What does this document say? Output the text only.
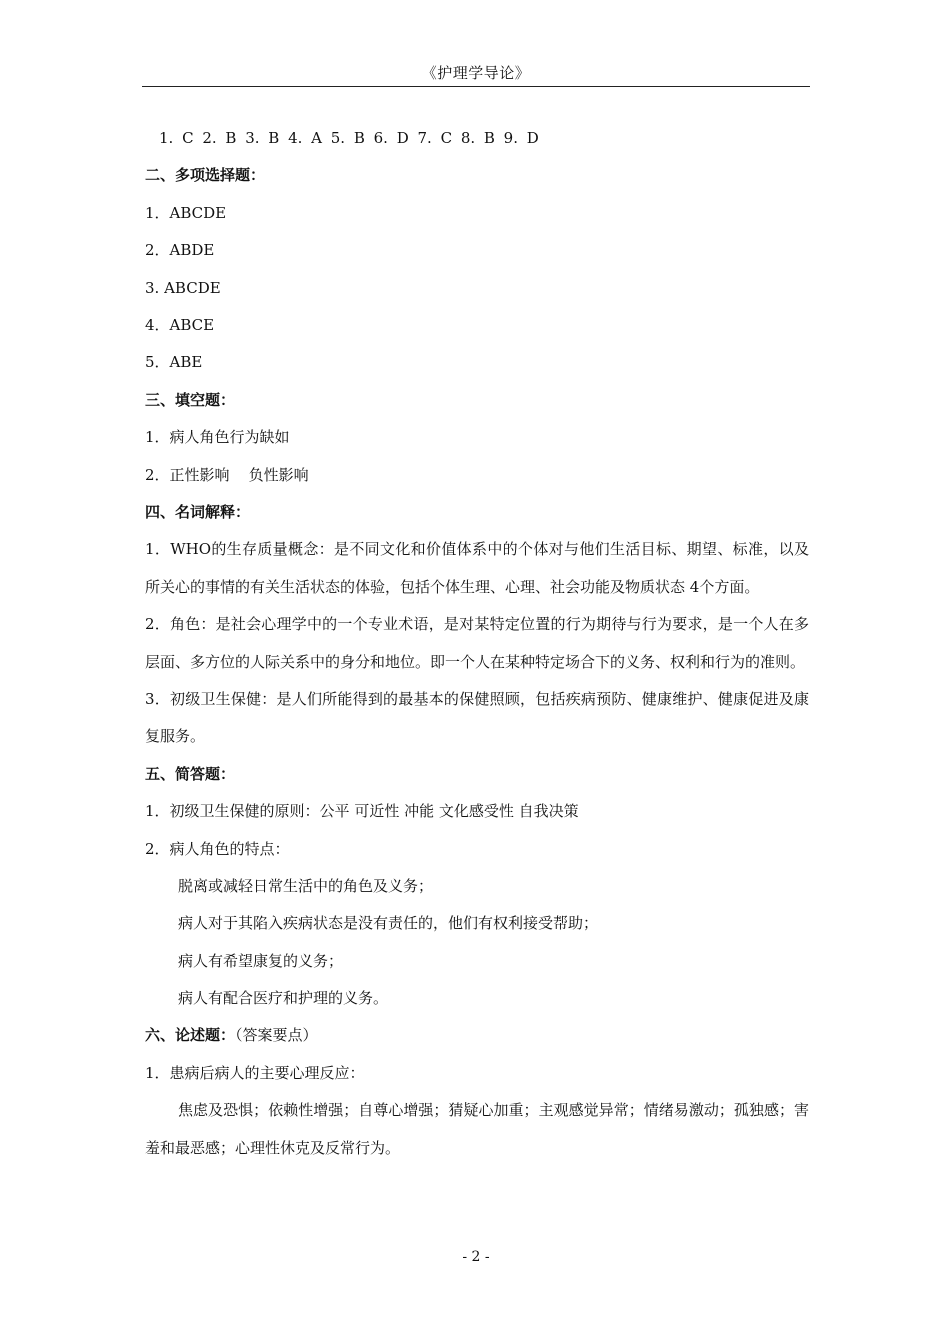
《护理学导论》
1. C 2. B 3. B 4. A 5. B 6. D 7. C 8. B 9. D
二、多项选择题：
1．ABCDE
2．ABDE
3. ABCDE
4．ABCE
5．ABE
三、填空题：
1．病人角色行为缺如
2．正性影响    负性影响
四、名词解释：
1．WHO的生存质量概念：是不同文化和价值体系中的个体对与他们生活目标、期望、标准，以及所关心的事情的有关生活状态的体验，包括个体生理、心理、社会功能及物质状态 4个方面。
2．角色：是社会心理学中的一个专业术语，是对某特定位置的行为期待与行为要求，是一个人在多层面、多方位的人际关系中的身分和地位。即一个人在某种特定场合下的义务、权利和行为的准则。
3．初级卫生保健：是人们所能得到的最基本的保健照顾，包括疾病预防、健康维护、健康促进及康复服务。
五、简答题：
1．初级卫生保健的原则：公平 可近性 冲能 文化感受性 自我决策
2．病人角色的特点：
脱离或减轻日常生活中的角色及义务；
病人对于其陷入疾病状态是没有责任的，他们有权利接受帮助；
病人有希望康复的义务；
病人有配合医疗和护理的义务。
六、论述题：（答案要点）
1．患病后病人的主要心理反应：
焦虑及恐惧；依赖性增强；自尊心增强；猜疑心加重；主观感觉异常；情绪易激动；孤独感；害羞和最恶感；心理性休克及反常行为。
- 2 -
